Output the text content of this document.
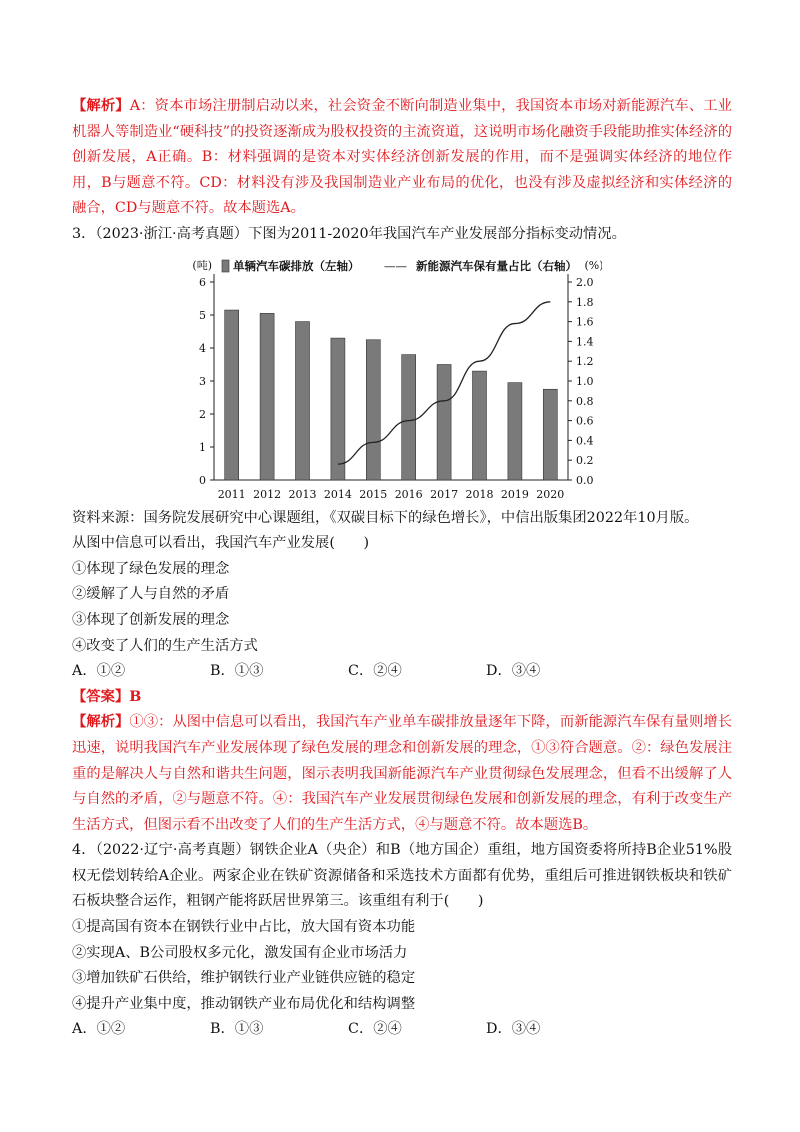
【解析】A：资本市场注册制启动以来，社会资金不断向制造业集中，我国资本市场对新能源汽车、工业机器人等制造业“硬科技”的投资逐渐成为股权投资的主流资道，这说明市场化融资手段能助推实体经济的创新发展，A正确。B：材料强调的是资本对实体经济创新发展的作用，而不是强调实体经济的地位作用，B与题意不符。CD：材料没有涉及我国制造业产业布局的优化，也没有涉及虚拟经济和实体经济的融合，CD与题意不符。故本题选A。

3．（2023·浙江·高考真题）下图为2011-2020年我国汽车产业发展部分指标变动情况。

0
1
2
3
4
5
6
0.0
0.2
0.4
0.6
0.8
1.0
1.2
1.4
1.6
1.8
2.0
(吨)	(%)
2011 2012 2013 2014 2015 2016 2017 2018 2019 2020
单辆汽车碳排放（左轴） —— 新能源汽车保有量占比（右轴）

资料来源：国务院发展研究中心课题组，《双碳目标下的绿色增长》，中信出版集团2022年10月版。

从图中信息可以看出，我国汽车产业发展(　　)

①体现了绿色发展的理念

②缓解了人与自然的矛盾

③体现了创新发展的理念

④改变了人们的生产生活方式

A．①②	B．①③	C．②④	D．③④

【答案】B

【解析】①③：从图中信息可以看出，我国汽车产业单车碳排放量逐年下降，而新能源汽车保有量则增长迅速，说明我国汽车产业发展体现了绿色发展的理念和创新发展的理念，①③符合题意。②：绿色发展注重的是解决人与自然和谐共生问题，图示表明我国新能源汽车产业贯彻绿色发展理念，但看不出缓解了人与自然的矛盾，②与题意不符。④：我国汽车产业发展贯彻绿色发展和创新发展的理念，有利于改变生产生活方式，但图示看不出改变了人们的生产生活方式，④与题意不符。故本题选B。

4．（2022·辽宁·高考真题）钢铁企业A（央企）和B（地方国企）重组，地方国资委将所持B企业51%股权无偿划转给A企业。两家企业在铁矿资源储备和采选技术方面都有优势，重组后可推进钢铁板块和铁矿石板块整合运作，粗钢产能将跃居世界第三。该重组有利于(　　)

①提高国有资本在钢铁行业中占比，放大国有资本功能

②实现A、B公司股权多元化，激发国有企业市场活力

③增加铁矿石供给，维护钢铁行业产业链供应链的稳定

④提升产业集中度，推动钢铁产业布局优化和结构调整

A．①②	B．①③	C．②④	D．③④
